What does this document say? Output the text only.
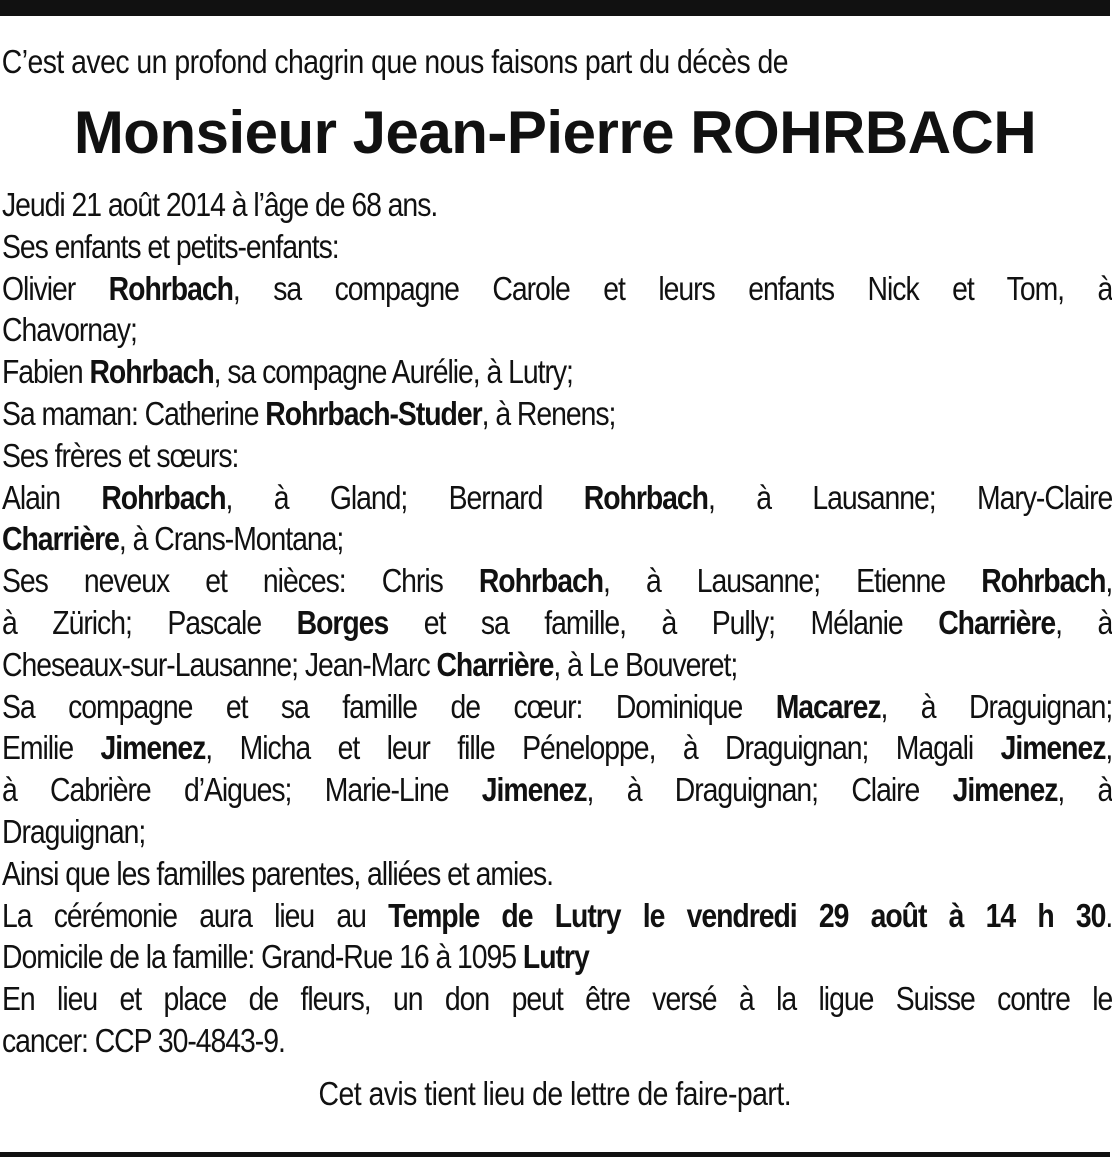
C’est avec un profond chagrin que nous faisons part du décès de

Monsieur Jean-Pierre ROHRBACH
Jeudi 21 août 2014 à l’âge de 68 ans.
Ses enfants et petits-enfants:
Olivier Rohrbach, sa compagne Carole et leurs enfants Nick et Tom, à
Chavornay;
Fabien Rohrbach, sa compagne Aurélie, à Lutry;
Sa maman: Catherine Rohrbach-Studer, à Renens;
Ses frères et sœurs:
Alain Rohrbach, à Gland; Bernard Rohrbach, à Lausanne; Mary-Claire
Charrière, à Crans-Montana;
Ses neveux et nièces: Chris Rohrbach, à Lausanne; Etienne Rohrbach,
à Zürich; Pascale Borges et sa famille, à Pully; Mélanie Charrière, à
Cheseaux-sur-Lausanne; Jean-Marc Charrière, à Le Bouveret;
Sa compagne et sa famille de cœur: Dominique Macarez, à Draguignan;
Emilie Jimenez, Micha et leur fille Péneloppe, à Draguignan; Magali Jimenez,
à Cabrière d’Aigues; Marie-Line Jimenez, à Draguignan; Claire Jimenez, à
Draguignan;
Ainsi que les familles parentes, alliées et amies.
La cérémonie aura lieu au Temple de Lutry le vendredi 29 août à 14 h 30.
Domicile de la famille: Grand-Rue 16 à 1095 Lutry
En lieu et place de fleurs, un don peut être versé à la ligue Suisse contre le
cancer: CCP 30-4843-9.
Cet avis tient lieu de lettre de faire-part.
